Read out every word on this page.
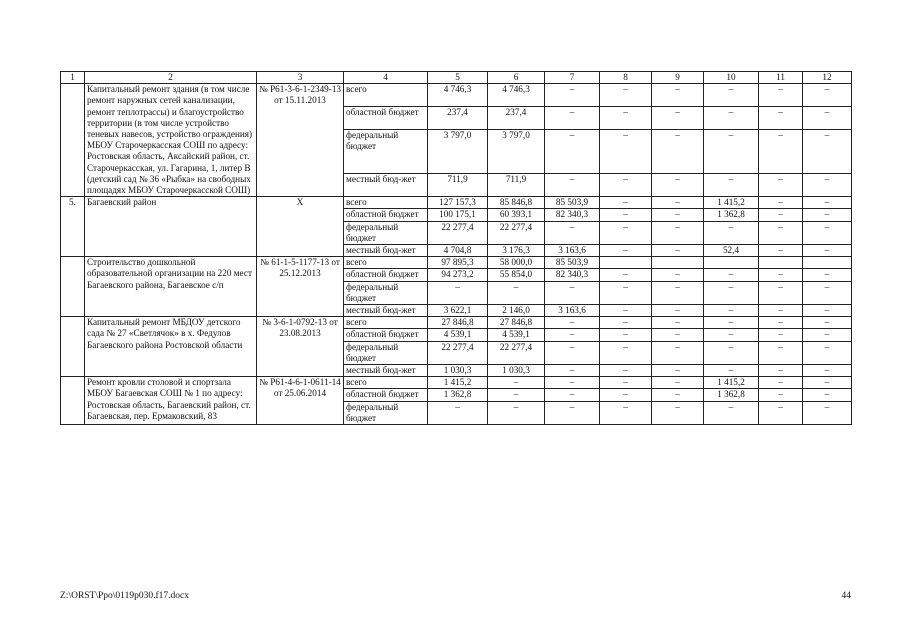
1	2	3	4	5	6	7	8	9	10	11	12
	Капитальный ремонт здания (в том числе ремонт наружных сетей канализации, ремонт теплотрассы) и благоустройство территории (в том числе устройство теневых навесов, устройство ограждения) МБОУ Старочеркасская СОШ по адресу: Ростовская область, Аксайский район, ст. Старочеркасская, ул. Гагарина, 1, литер В (детский сад № 36 «Рыбка» на свободных площадях МБОУ Старочеркасской СОШ)	№ Р61-3-6-1-2349-13 от 15.11.2013	всего	4 746,3	4 746,3	–	–	–	–	–	–
			областной бюджет	237,4	237,4	–	–	–	–	–	–
			федеральный бюджет	3 797,0	3 797,0	–	–	–	–	–	–
			местный бюд-жет	711,9	711,9	–	–	–	–	–	–
5.	Багаевский район	Х	всего	127 157,3	85 846,8	85 503,9	–	–	1 415,2	–	–
			областной бюджет	100 175,1	60 393,1	82 340,3	–	–	1 362,8	–	–
			федеральный бюджет	22 277,4	22 277,4	–	–	–	–	–	–
			местный бюд-жет	4 704,8	3 176,3	3 163,6	–	–	52,4	–	–
	Строительство дошкольной образовательной организации на 220 мест Багаевского района, Багаевское с/п	№ 61-1-5-1177-13 от 25.12.2013	всего	97 895,3	58 000,0	85 503,9					
			областной бюджет	94 273,2	55 854,0	82 340,3	–	–	–	–	–
			федеральный бюджет	–	–	–	–	–	–	–	–
			местный бюд-жет	3 622,1	2 146,0	3 163,6	–	–	–	–	–
	Капитальный ремонт МБДОУ детского сада № 27 «Светлячок» в х. Федулов Багаевского района Ростовской области	№ 3-6-1-0792-13 от 23.08.2013	всего	27 846,8	27 846,8	–	–	–	–	–	–
			областной бюджет	4 539,1	4 539,1	–	–	–	–	–	–
			федеральный бюджет	22 277,4	22 277,4	–	–	–	–	–	–
			местный бюд-жет	1 030,3	1 030,3	–	–	–	–	–	–
	Ремонт кровли столовой и спортзала МБОУ Багаевская СОШ № 1 по адресу: Ростовская область, Багаевский район, ст. Багаевская, пер. Ермаковский, 83	№ Р61-4-6-1-0611-14 от 25.06.2014	всего	1 415,2	–	–	–	–	1 415,2	–	–
			областной бюджет	1 362,8	–	–	–	–	1 362,8	–	–
			федеральный бюджет	–	–	–	–	–	–	–	–
Z:\ORST\Ppo\0119p030.f17.docx	44
